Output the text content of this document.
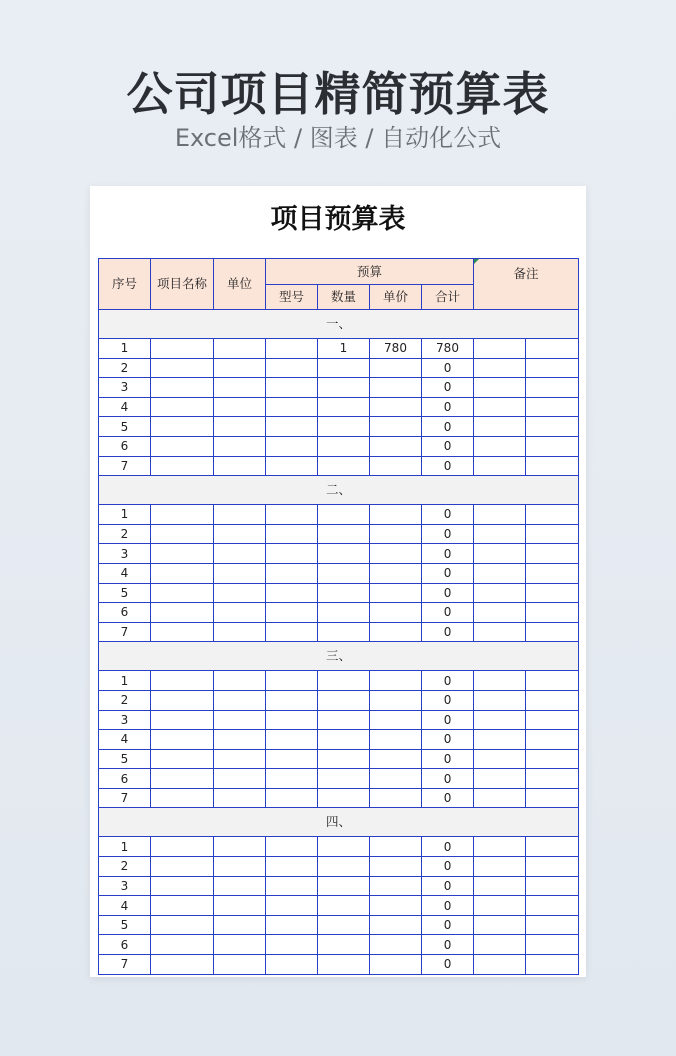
公司项目精简预算表
Excel格式 / 图表 / 自动化公式
项目预算表
序号	项目名称	单位	预算				备注	
			型号	数量	单价	合计		
一、								
1				1	780	780		
2						0		
3						0		
4						0		
5						0		
6						0		
7						0		
二、								
1						0		
2						0		
3						0		
4						0		
5						0		
6						0		
7						0		
三、								
1						0		
2						0		
3						0		
4						0		
5						0		
6						0		
7						0		
四、								
1						0		
2						0		
3						0		
4						0		
5						0		
6						0		
7						0		
